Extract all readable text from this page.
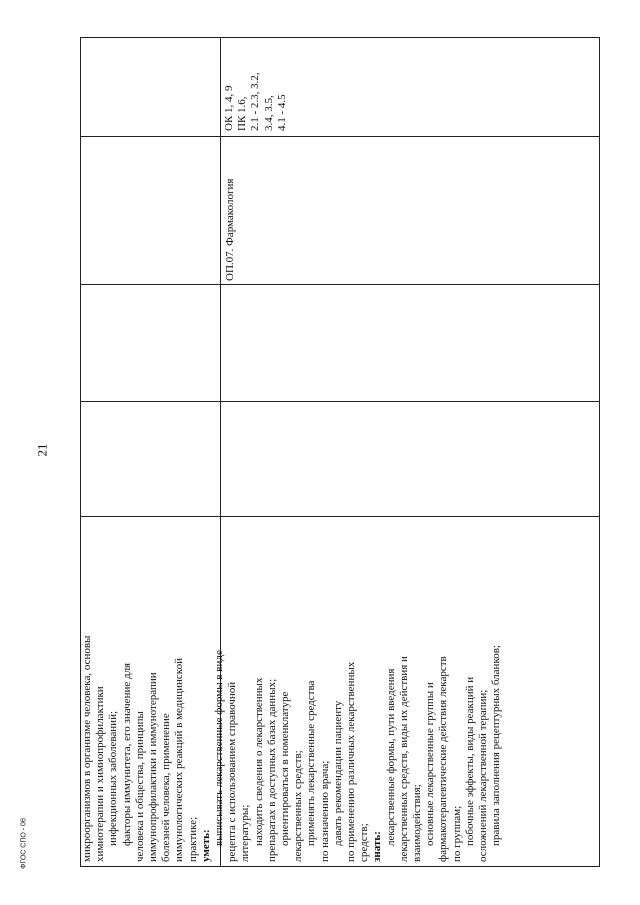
21
ФГОС СПО - 06	микроорганизмов в организме человека, основы химиотерапии и химиопрофилактики инфекционных заболеваний; факторы иммунитета, его значение для человека и общества, принципы иммунопрофилактики и иммунотерапии болезней человека, применение иммунологических реакций в медицинской практике; уметь: выписывать лекарственные формы в виде рецепта с использованием справочной литературы; находить сведения о лекарственных препаратах в доступных базах данных; ориентироваться в номенклатуре лекарственных средств; применять лекарственные средства по назначению врача; давать рекомендации пациенту по применению различных лекарственных средств; знать:
лекарственные формы, пути введения лекарственных средств, виды их действия и взаимодействия; основные лекарственные группы и фармакотерапевтические действия лекарств по группам; побочные эффекты, виды реакций и осложнений лекарственной терапии; правила заполнения рецептурных бланков;
ОП.07. Фармакология
ОК 1, 4, 9 ПК 1.6, 2.1 - 2.3, 3.2, 3.4, 3.5, 4.1 - 4.5
